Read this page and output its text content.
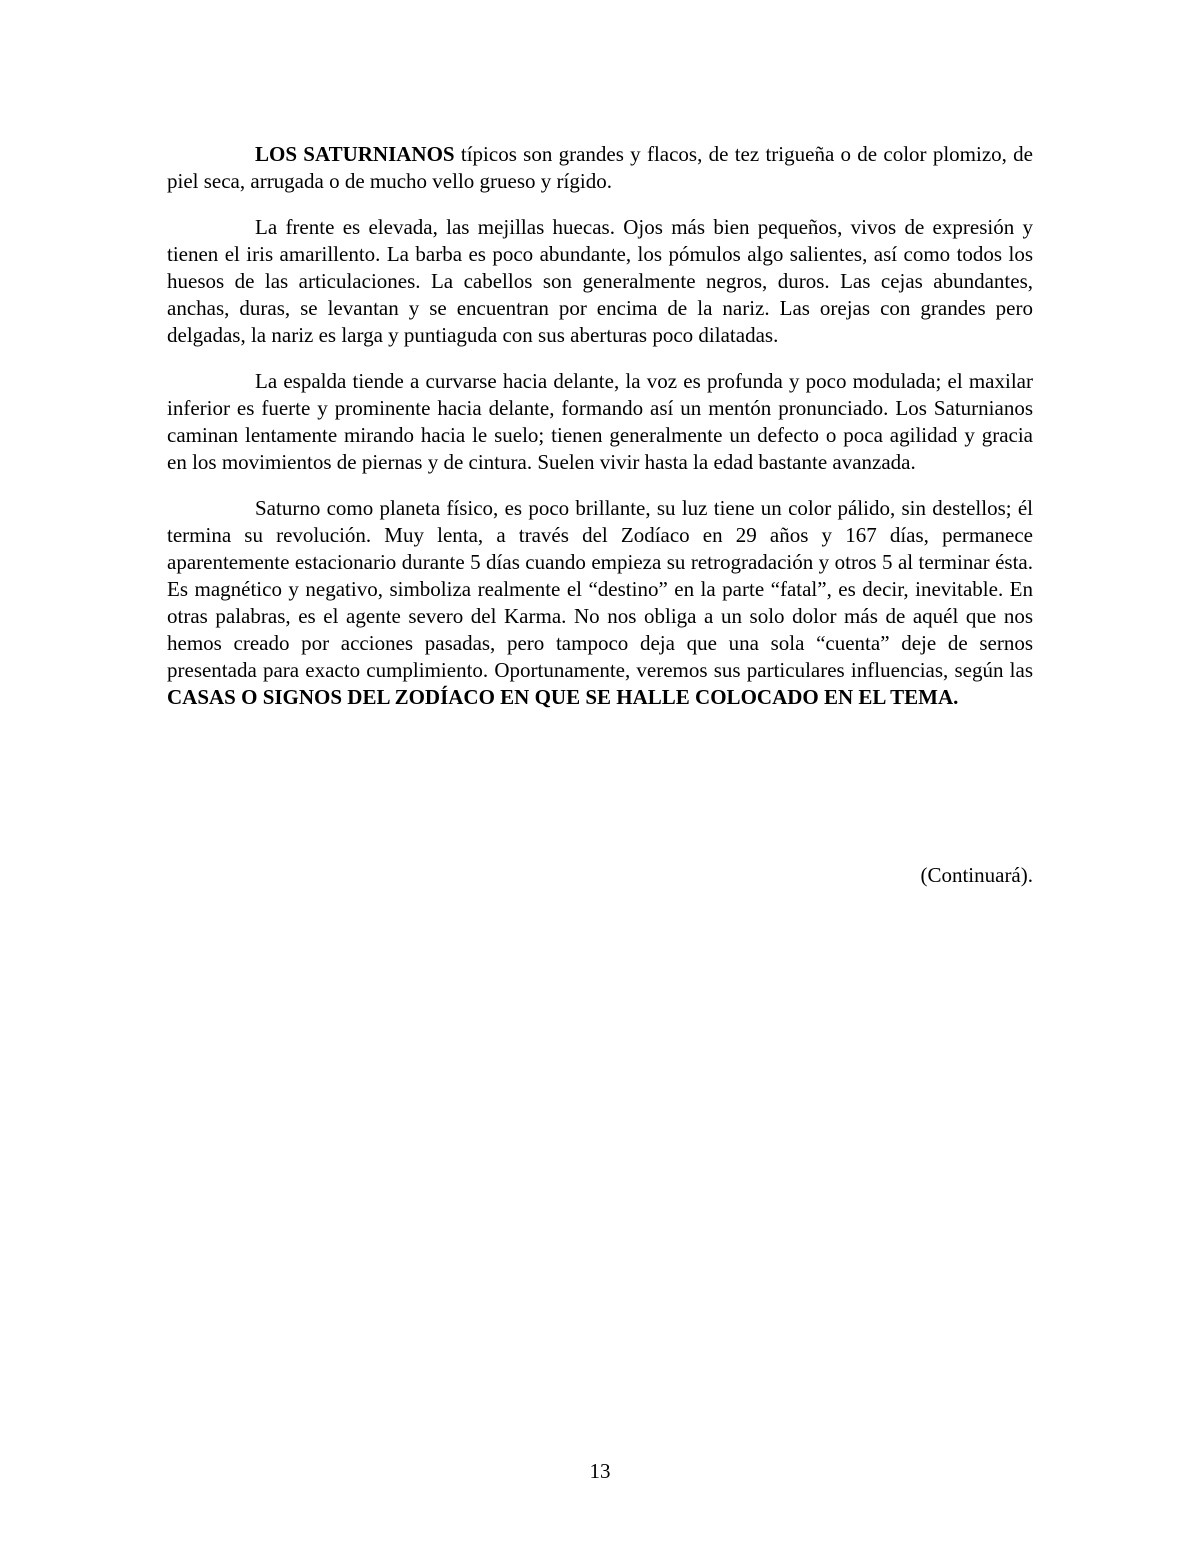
LOS SATURNIANOS típicos son grandes y flacos, de tez trigueña o de color plomizo, de piel seca, arrugada o de mucho vello grueso y rígido.

La frente es elevada, las mejillas huecas. Ojos más bien pequeños, vivos de expresión y tienen el iris amarillento. La barba es poco abundante, los pómulos algo salientes, así como todos los huesos de las articulaciones. La cabellos son generalmente negros, duros. Las cejas abundantes, anchas, duras, se levantan y se encuentran por encima de la nariz. Las orejas con grandes pero delgadas, la nariz es larga y puntiaguda con sus aberturas poco dilatadas.

La espalda tiende a curvarse hacia delante, la voz es profunda y poco modulada; el maxilar inferior es fuerte y prominente hacia delante, formando así un mentón pronunciado. Los Saturnianos caminan lentamente mirando hacia le suelo; tienen generalmente un defecto o poca agilidad y gracia en los movimientos de piernas y de cintura. Suelen vivir hasta la edad bastante avanzada.

Saturno como planeta físico, es poco brillante, su luz tiene un color pálido, sin destellos; él termina su revolución. Muy lenta, a través del Zodíaco en 29 años y 167 días, permanece aparentemente estacionario durante 5 días cuando empieza su retrogradación y otros 5 al terminar ésta. Es magnético y negativo, simboliza realmente el “destino” en la parte “fatal”, es decir, inevitable. En otras palabras, es el agente severo del Karma. No nos obliga a un solo dolor más de aquél que nos hemos creado por acciones pasadas, pero tampoco deja que una sola “cuenta” deje de sernos presentada para exacto cumplimiento. Oportunamente, veremos sus particulares influencias, según las CASAS O SIGNOS DEL ZODÍACO EN QUE SE HALLE COLOCADO EN EL TEMA.

(Continuará).
13
